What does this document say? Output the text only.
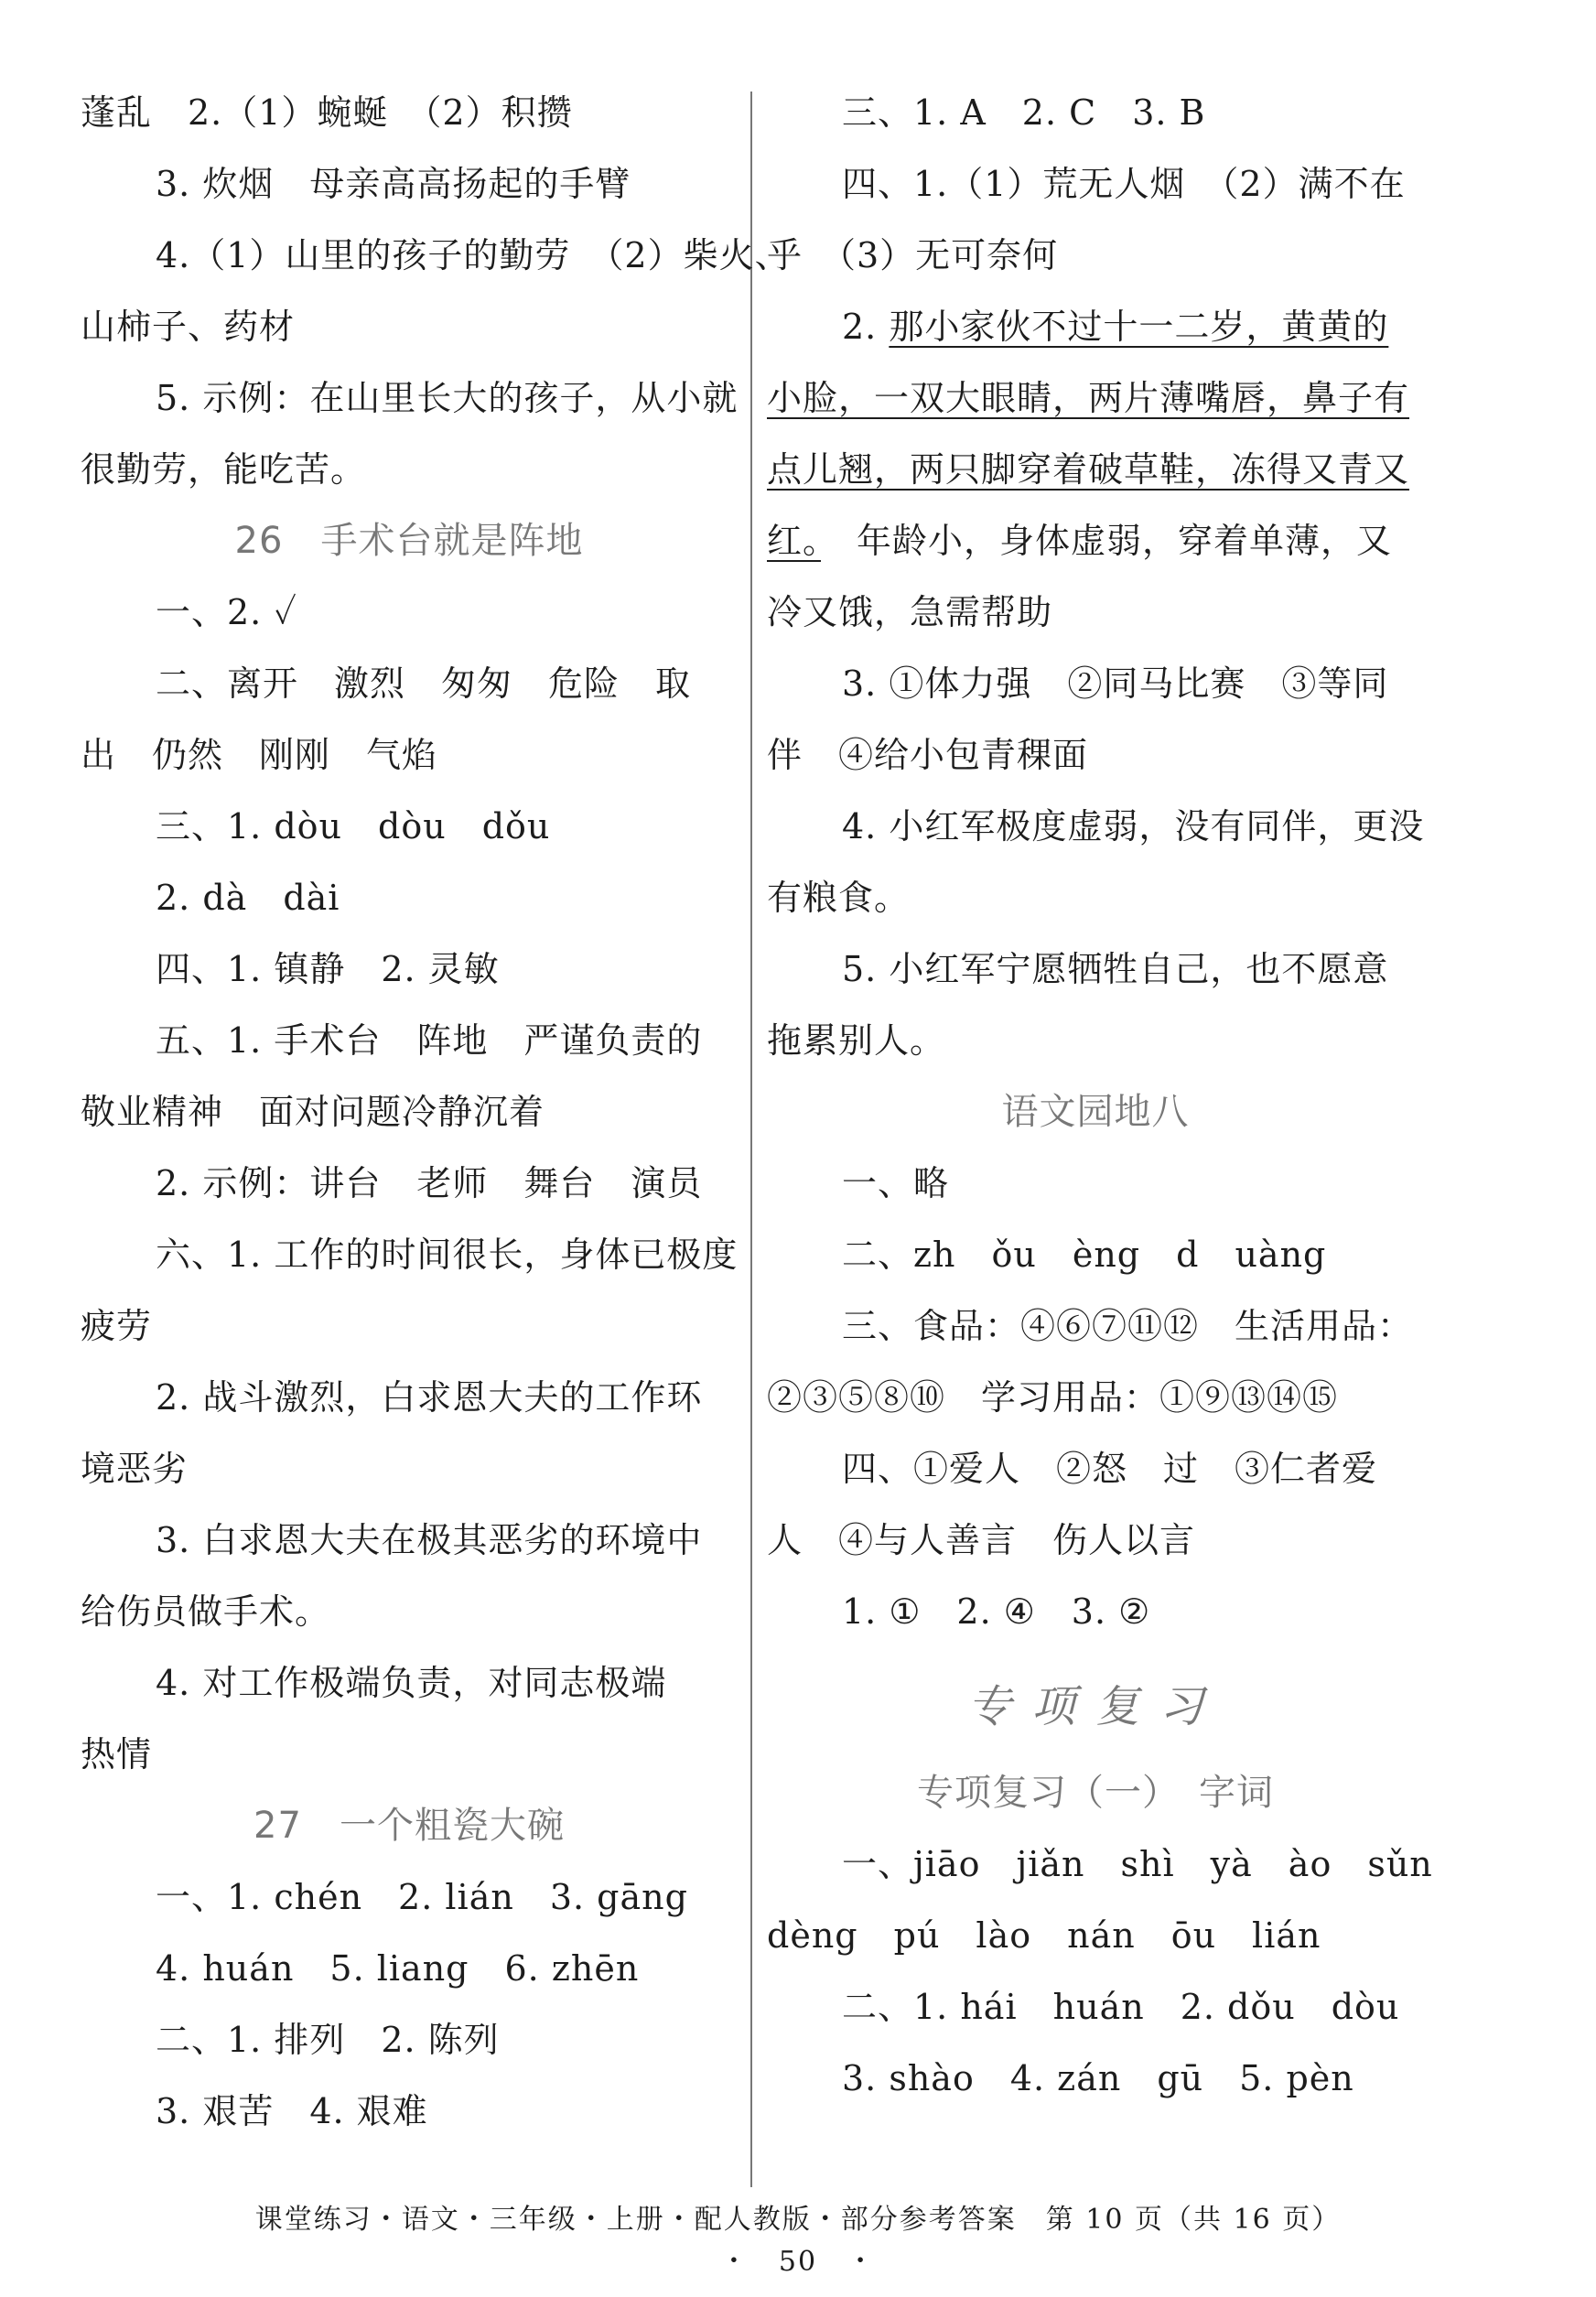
蓬乱　2.（1）蜿蜒　（2）积攒
3. 炊烟　母亲高高扬起的手臂
4.（1）山里的孩子的勤劳　（2）柴火、
山柿子、药材
5. 示例：在山里长大的孩子，从小就
很勤劳，能吃苦。
26　手术台就是阵地
一、2. ✓
二、离开　激烈　匆匆　危险　取
出　仍然　刚刚　气焰
三、1. dòu　dòu　dǒu
2. dà　dài
四、1. 镇静　2. 灵敏
五、1. 手术台　阵地　严谨负责的
敬业精神　面对问题冷静沉着
2. 示例：讲台　老师　舞台　演员
六、1. 工作的时间很长，身体已极度
疲劳
2. 战斗激烈，白求恩大夫的工作环
境恶劣
3. 白求恩大夫在极其恶劣的环境中
给伤员做手术。
4. 对工作极端负责，对同志极端
热情
27　一个粗瓷大碗
一、1. chén　2. lián　3. gāng
4. huán　5. liang　6. zhēn
二、1. 排列　2. 陈列
3. 艰苦　4. 艰难
三、1. A　2. C　3. B
四、1.（1）荒无人烟　（2）满不在
乎　（3）无可奈何
2. 那小家伙不过十一二岁，黄黄的
小脸，一双大眼睛，两片薄嘴唇，鼻子有
点儿翘，两只脚穿着破草鞋，冻得又青又
红。　年龄小，身体虚弱，穿着单薄，又
冷又饿，急需帮助
3. ①体力强　②同马比赛　③等同
伴　④给小包青稞面
4. 小红军极度虚弱，没有同伴，更没
有粮食。
5. 小红军宁愿牺牲自己，也不愿意
拖累别人。
语文园地八
一、略
二、zh　ǒu　èng　d　uàng
三、食品：④⑥⑦⑪⑫　生活用品：
②③⑤⑧⑩　学习用品：①⑨⑬⑭⑮
四、①爱人　②怒　过　③仁者爱
人　④与人善言　伤人以言
1. ①　2. ④　3. ②
专项复习
专项复习（一）　字词
一、jiāo　jiǎn　shì　yà　ào　sǔn
dèng　pú　lào　nán　ōu　lián
二、1. hái　huán　2. dǒu　dòu
3. shào　4. zán　gū　5. pèn
课堂练习・语文・三年级・上册・配人教版・部分参考答案　第 10 页（共 16 页）
・　50　・
